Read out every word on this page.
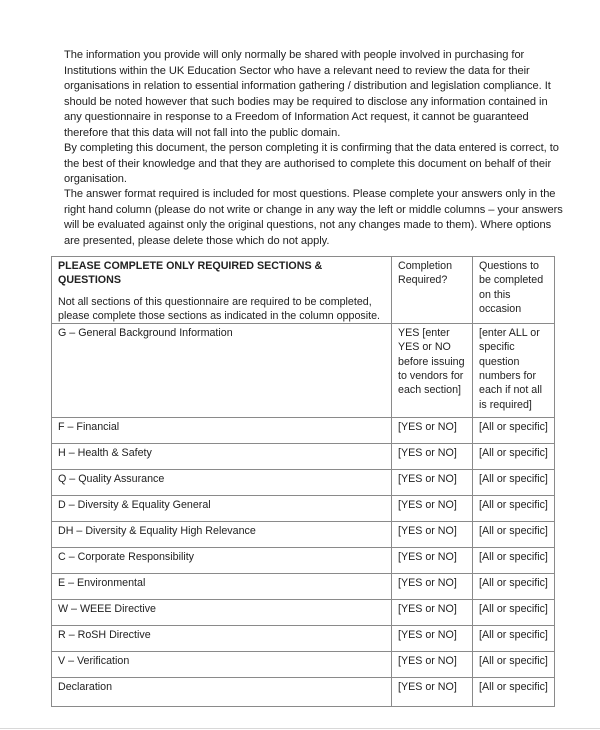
The information you provide will only normally be shared with people involved in purchasing for Institutions within the UK Education Sector who have a relevant need to review the data for their organisations in relation to essential information gathering / distribution and legislation compliance. It should be noted however that such bodies may be required to disclose any information contained in any questionnaire in response to a Freedom of Information Act request, it cannot be guaranteed therefore that this data will not fall into the public domain.

By completing this document, the person completing it is confirming that the data entered is correct, to the best of their knowledge and that they are authorised to complete this document on behalf of their organisation.

The answer format required is included for most questions. Please complete your answers only in the right hand column (please do not write or change in any way the left or middle columns – your answers will be evaluated against only the original questions, not any changes made to them). Where options are presented, please delete those which do not apply.

PLEASE COMPLETE ONLY REQUIRED SECTIONS & QUESTIONS
Not all sections of this questionnaire are required to be completed, please complete those sections as indicated in the column opposite.	Completion Required?	Questions to be completed on this occasion
G – General Background Information	YES [enter YES or NO before issuing to vendors for each section]	[enter ALL or specific question numbers for each if not all is required]
F – Financial	[YES or NO]	[All or specific]
H – Health & Safety	[YES or NO]	[All or specific]
Q – Quality Assurance	[YES or NO]	[All or specific]
D – Diversity & Equality General	[YES or NO]	[All or specific]
DH – Diversity & Equality High Relevance	[YES or NO]	[All or specific]
C – Corporate Responsibility	[YES or NO]	[All or specific]
E – Environmental	[YES or NO]	[All or specific]
W – WEEE Directive	[YES or NO]	[All or specific]
R – RoSH Directive	[YES or NO]	[All or specific]
V – Verification	[YES or NO]	[All or specific]
Declaration	[YES or NO]	[All or specific]
